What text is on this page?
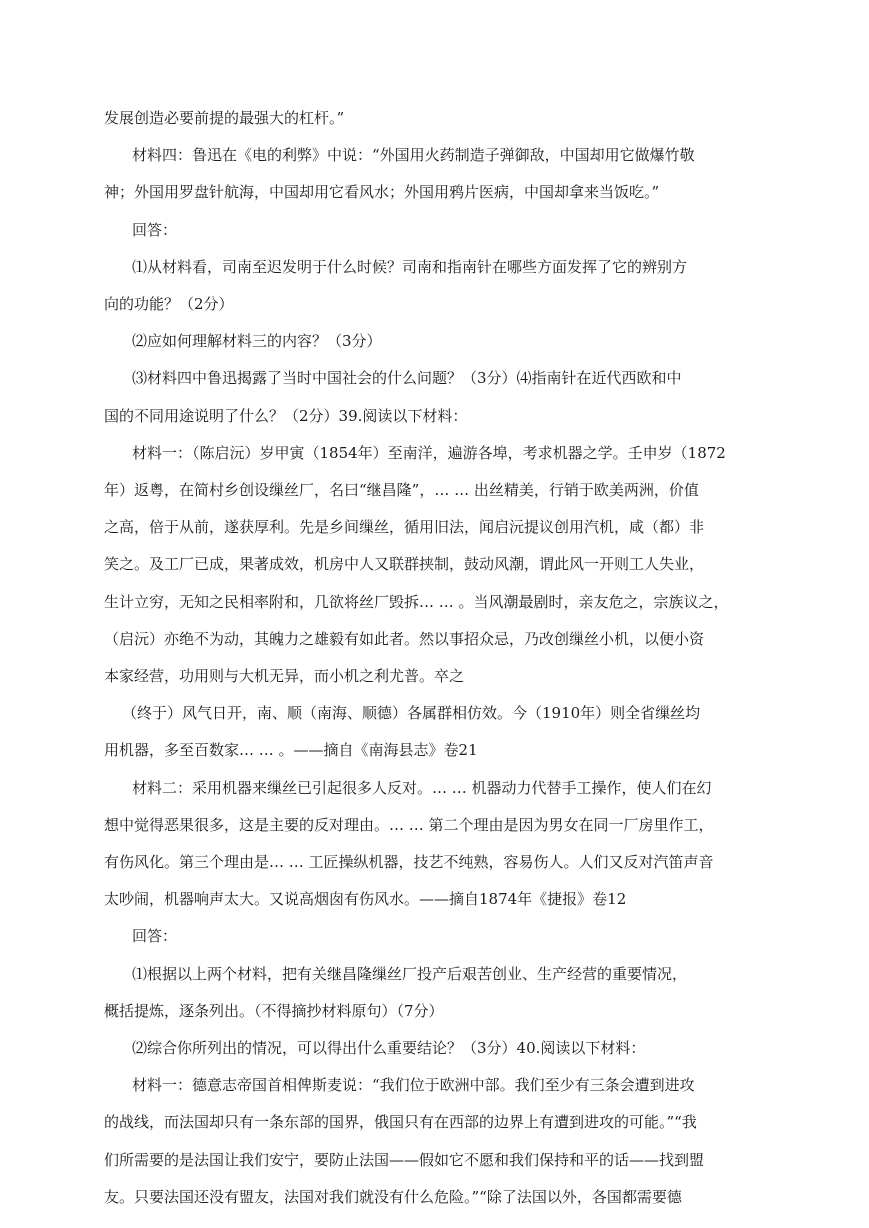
发展创造必要前提的最强大的杠杆。”
材料四：鲁迅在《电的利弊》中说：“外国用火药制造子弹御敌，中国却用它做爆竹敬
神；外国用罗盘针航海，中国却用它看风水；外国用鸦片医病，中国却拿来当饭吃。”
回答：
⑴从材料看，司南至迟发明于什么时候？司南和指南针在哪些方面发挥了它的辨别方
向的功能？（2分）
⑵应如何理解材料三的内容？（3分）
⑶材料四中鲁迅揭露了当时中国社会的什么问题？（3分）⑷指南针在近代西欧和中
国的不同用途说明了什么？（2分）39.阅读以下材料：
材料一：（陈启沅）岁甲寅（1854年）至南洋，遍游各埠，考求机器之学。壬申岁（1872
年）返粤，在简村乡创设缫丝厂，名曰“继昌隆”，… … 出丝精美，行销于欧美两洲，价值
之高，倍于从前，遂获厚利。先是乡间缫丝，循用旧法，闻启沅提议创用汽机，咸（都）非
笑之。及工厂已成，果著成效，机房中人又联群挟制，鼓动风潮，谓此风一开则工人失业，
生计立穷，无知之民相率附和，几欲将丝厂毁拆… … 。当风潮最剧时，亲友危之，宗族议之，
（启沅）亦绝不为动，其魄力之雄毅有如此者。然以事招众忌，乃改创缫丝小机，以便小资
本家经营，功用则与大机无异，而小机之利尤普。卒之
（终于）风气日开，南、顺（南海、顺德）各属群相仿效。今（1910年）则全省缫丝均
用机器，多至百数家… … 。——摘自《南海县志》卷21
材料二：采用机器来缫丝已引起很多人反对。… … 机器动力代替手工操作，使人们在幻
想中觉得恶果很多，这是主要的反对理由。… … 第二个理由是因为男女在同一厂房里作工，
有伤风化。第三个理由是… … 工匠操纵机器，技艺不纯熟，容易伤人。人们又反对汽笛声音
太吵闹，机器响声太大。又说高烟囱有伤风水。——摘自1874年《捷报》卷12
回答：
⑴根据以上两个材料，把有关继昌隆缫丝厂投产后艰苦创业、生产经营的重要情况，
概括提炼，逐条列出。（不得摘抄材料原句）（7分）
⑵综合你所列出的情况，可以得出什么重要结论？（3分）40.阅读以下材料：
材料一：德意志帝国首相俾斯麦说：“我们位于欧洲中部。我们至少有三条会遭到进攻
的战线，而法国却只有一条东部的国界，俄国只有在西部的边界上有遭到进攻的可能。”“我
们所需要的是法国让我们安宁，要防止法国——假如它不愿和我们保持和平的话——找到盟
友。只要法国还没有盟友，法国对我们就没有什么危险。”“除了法国以外，各国都需要德
